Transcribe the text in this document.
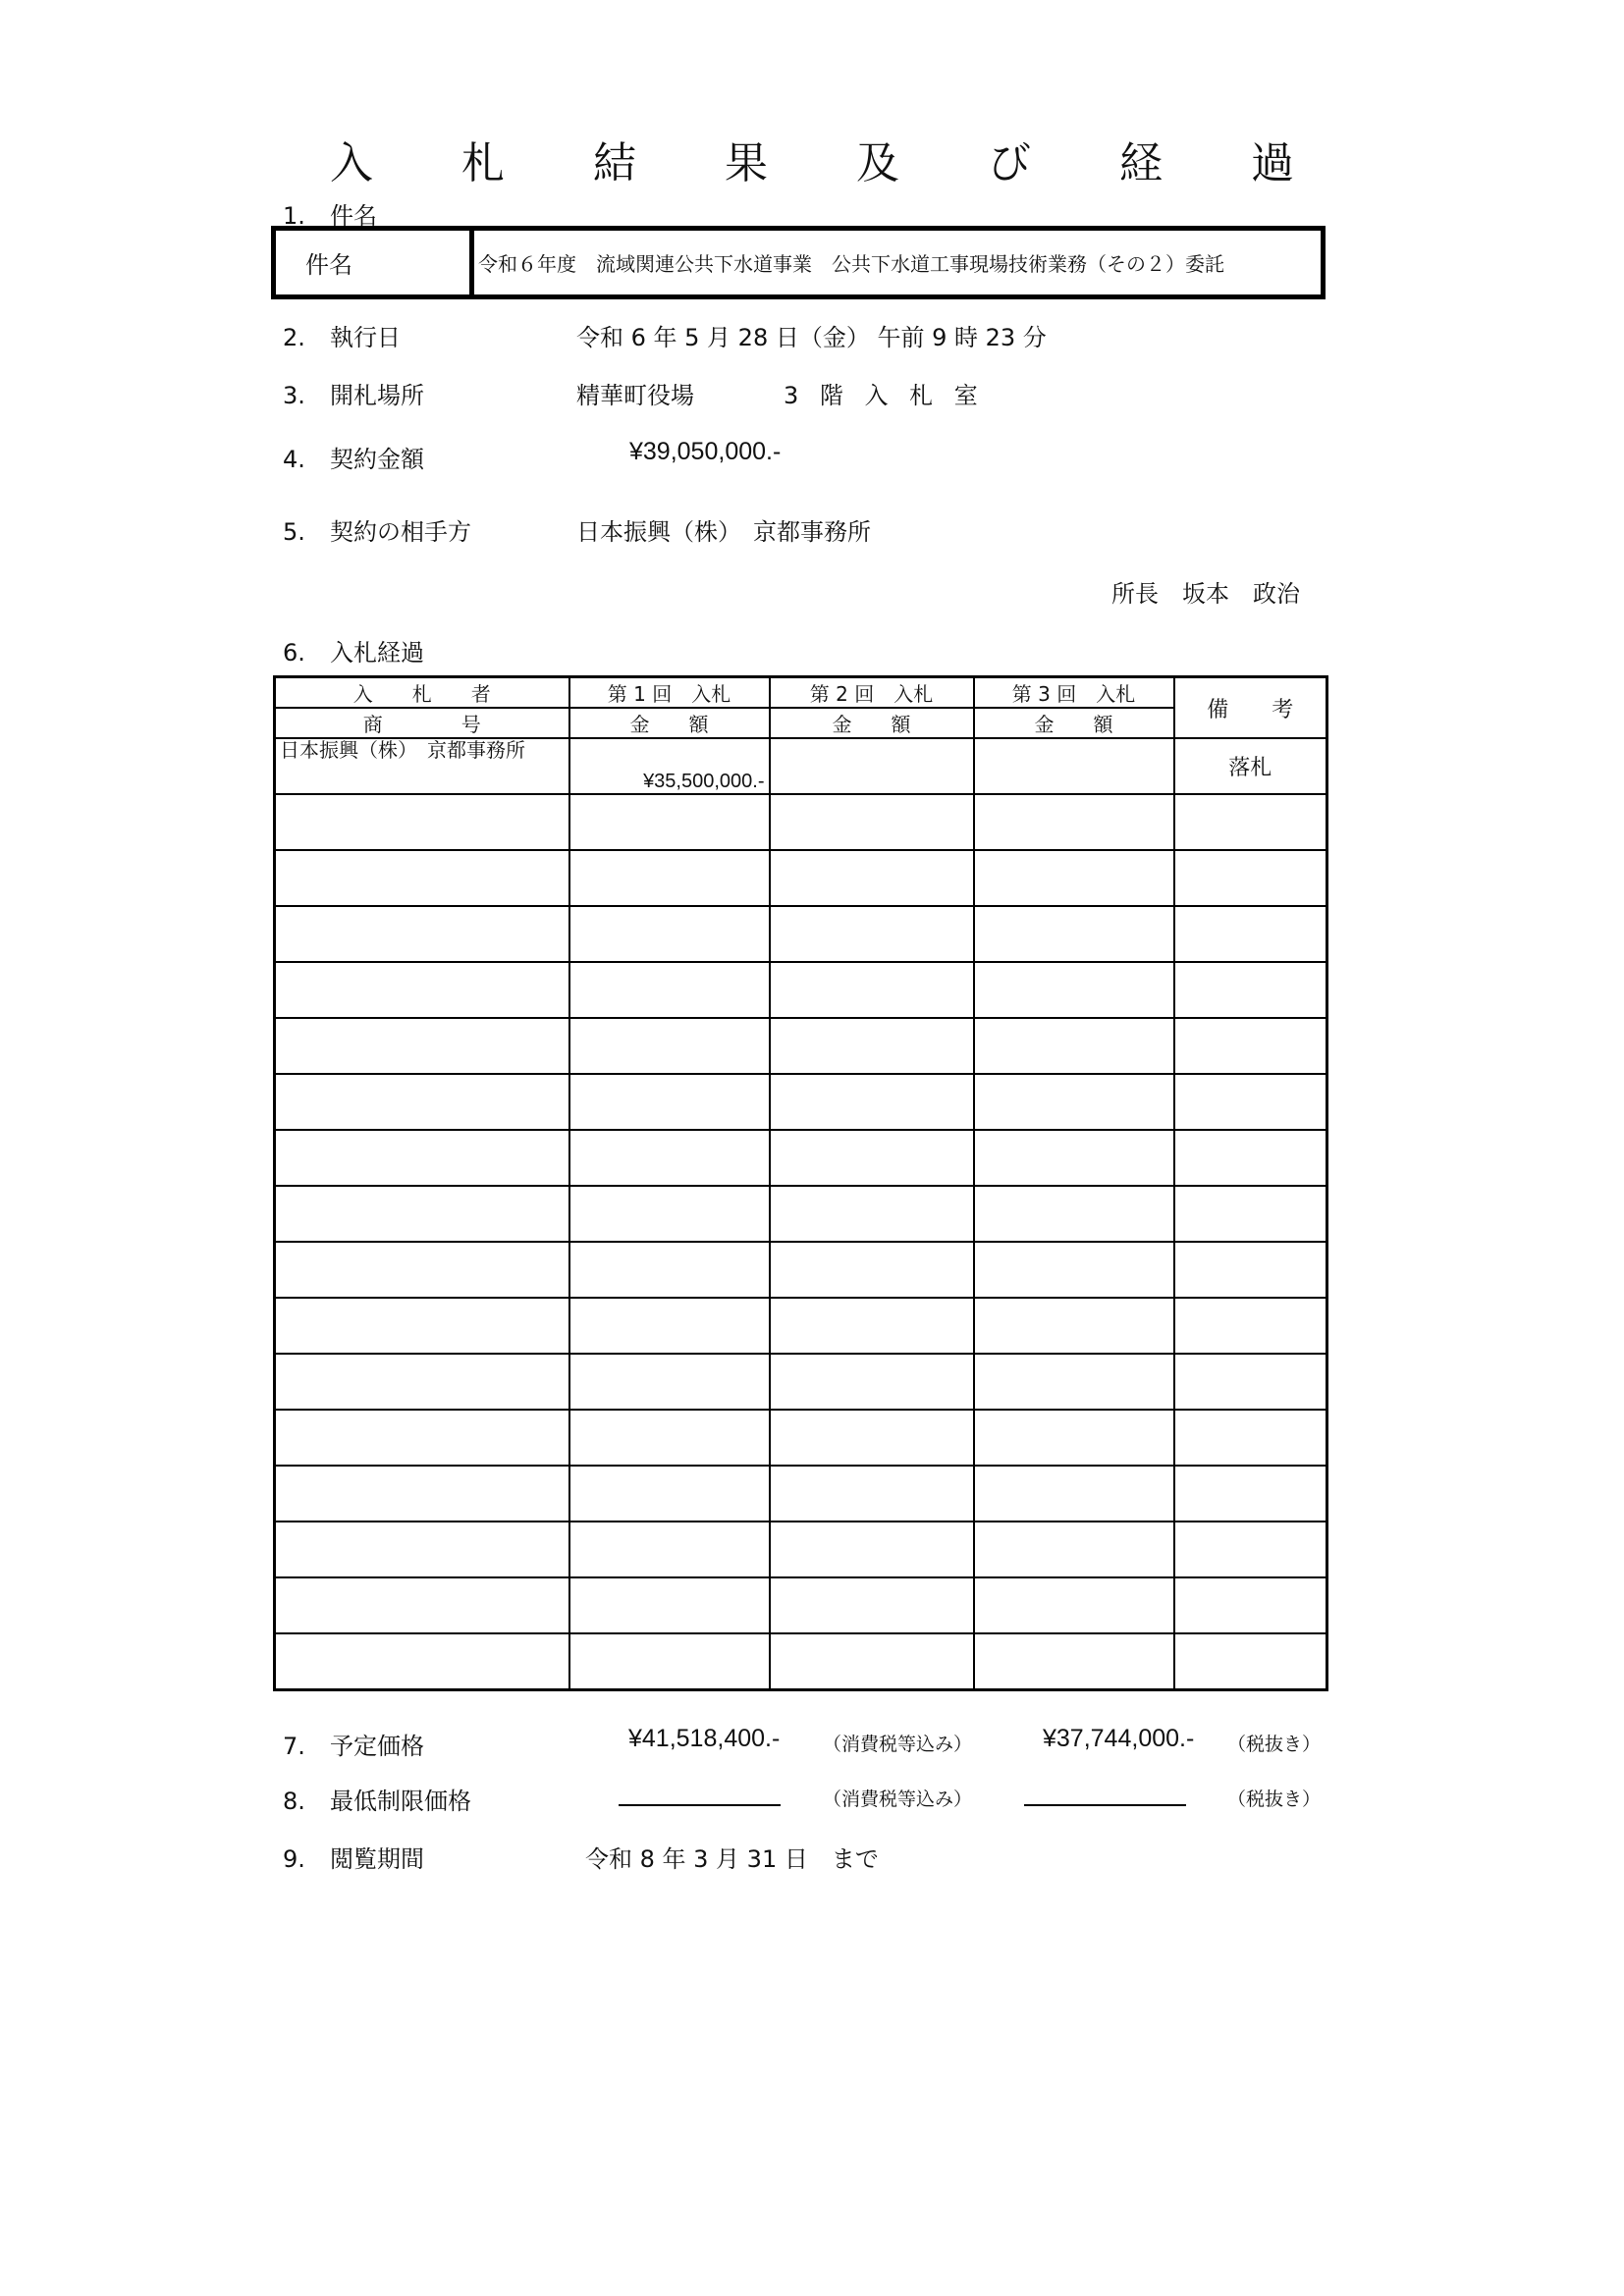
入 札 結 果 及 び 経 過
1. 件名
件名	令和６年度　流域関連公共下水道事業　公共下水道工事現場技術業務（その２）委託
2. 執行日	令和 6 年 5 月 28 日（金） 午前 9 時 23 分
3. 開札場所	精華町役場	3 階 入 札 室
4. 契約金額	¥39,050,000.-
5. 契約の相手方	日本振興（株）　京都事務所
所長　坂本　政治
6. 入札経過
入　　札　　者	第 1 回　入札	第 2 回　入札	第 3 回　入札	備　　考
商　　　　号	金　　額	金　　額	金　　額	
日本振興（株）　京都事務所	¥35,500,000.-			落札

7. 予定価格	¥41,518,400.- （消費税等込み）	¥37,744,000.- （税抜き）
8. 最低制限価格	（消費税等込み）	（税抜き）
9. 閲覧期間	令和 8 年 3 月 31 日　まで
